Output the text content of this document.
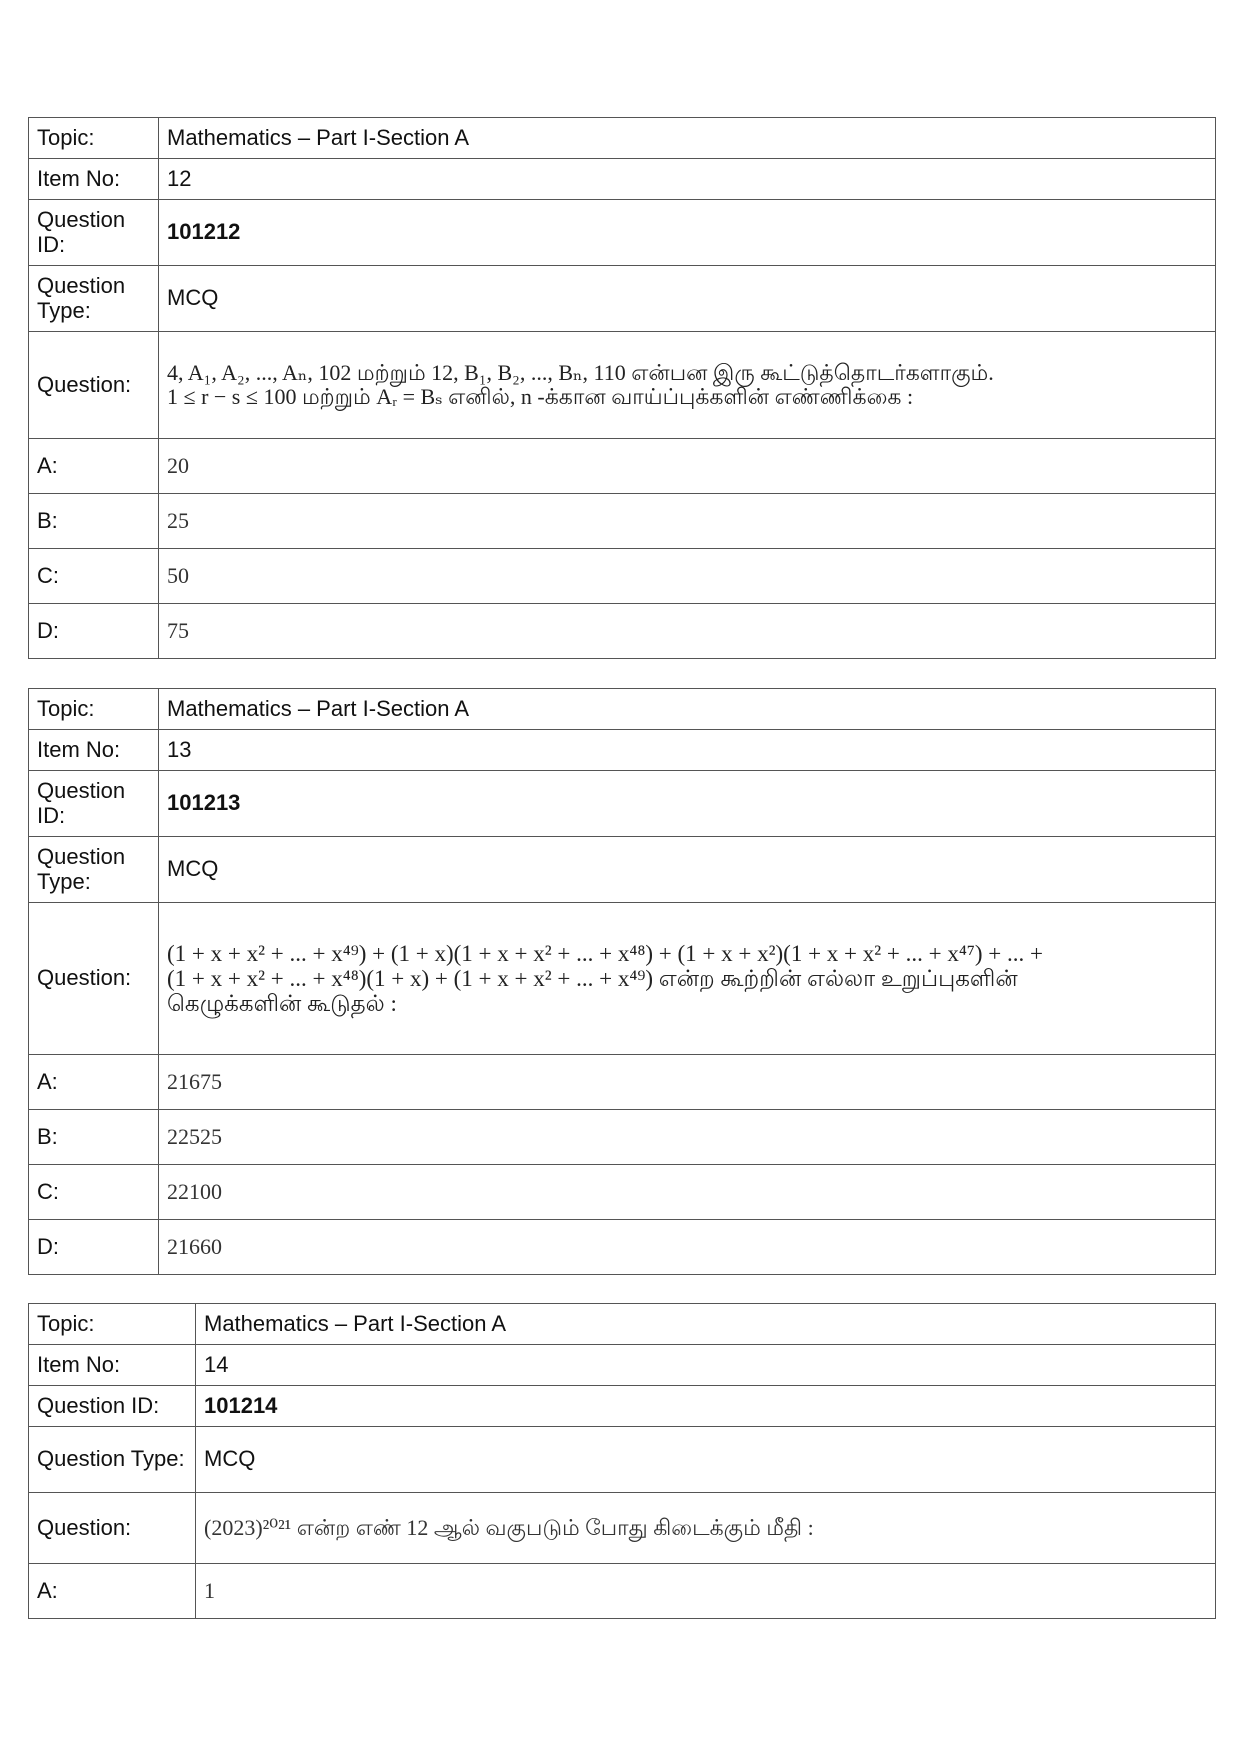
Topic:	Mathematics – Part I-Section A
Item No:	12
Question ID:	101212
Question Type:	MCQ
Question:	4, A₁, A₂, ..., Aₙ, 102 மற்றும் 12, B₁, B₂, ..., Bₙ, 110 என்பன இரு கூட்டுத்தொடர்களாகும்.
1 ≤ r − s ≤ 100 மற்றும் Aᵣ = Bₛ எனில், n -க்கான வாய்ப்புக்களின் எண்ணிக்கை :

A:	20
B:	25
C:	50
D:	75
Topic:	Mathematics – Part I-Section A
Item No:	13
Question ID:	101213
Question Type:	MCQ
Question:	(1 + x + x² + ... + x⁴⁹) + (1 + x)(1 + x + x² + ... + x⁴⁸) + (1 + x + x²)(1 + x + x² + ... + x⁴⁷) + ... +
(1 + x + x² + ... + x⁴⁸)(1 + x) + (1 + x + x² + ... + x⁴⁹) என்ற கூற்றின் எல்லா உறுப்புகளின்
கெழுக்களின் கூடுதல் :

A:	21675
B:	22525
C:	22100
D:	21660
Topic:	Mathematics – Part I-Section A
Item No:	14
Question ID:	101214
Question Type:	MCQ
Question:	(2023)²⁰²¹ என்ற எண் 12 ஆல் வகுபடும் போது கிடைக்கும் மீதி :
A:	1
